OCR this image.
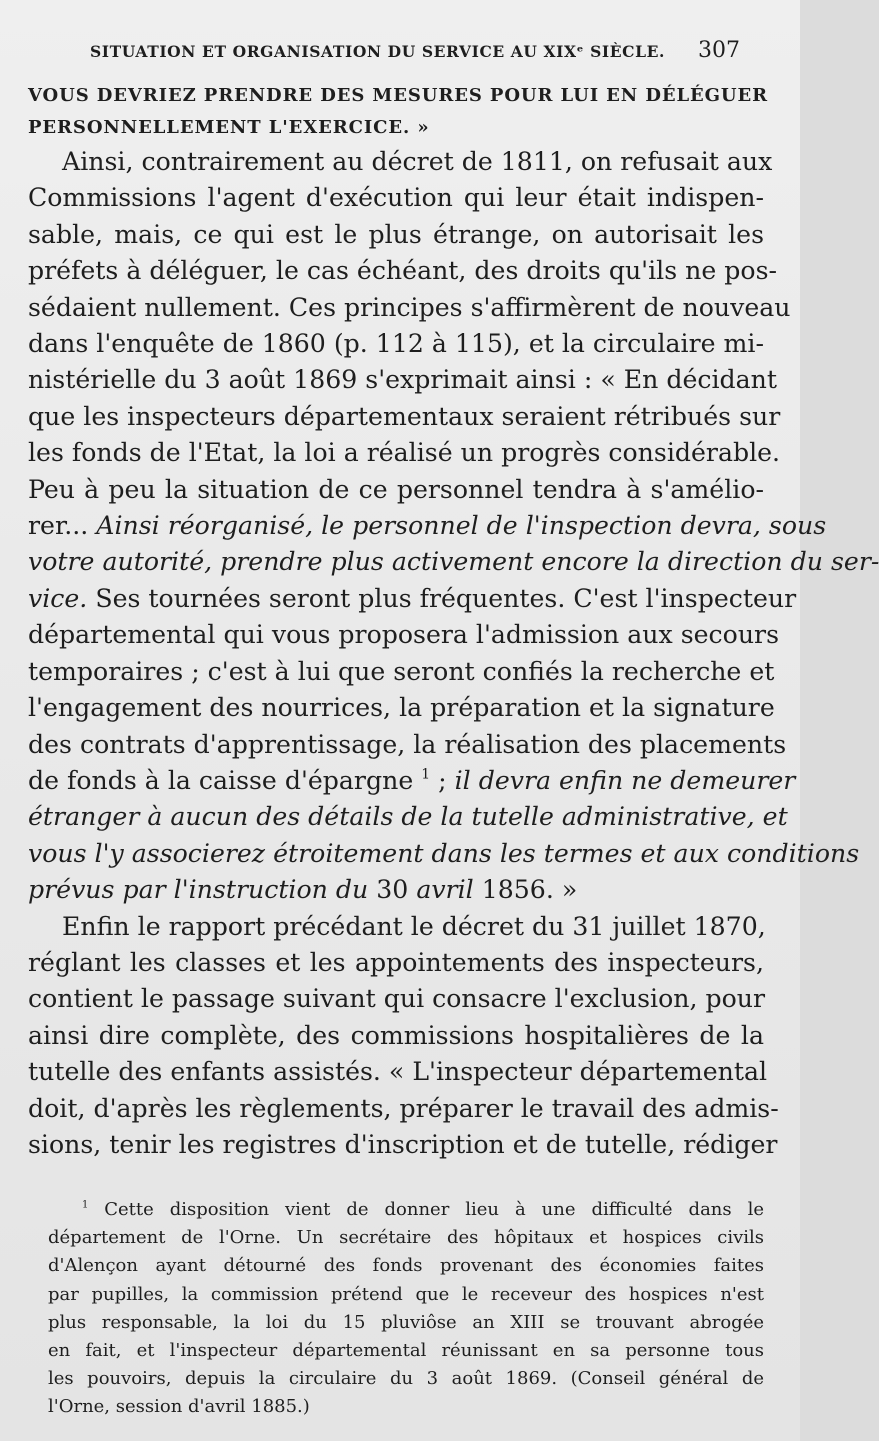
SITUATION ET ORGANISATION DU SERVICE AU XIXᵉ SIÈCLE. 307
VOUS DEVRIEZ PRENDRE DES MESURES POUR LUI EN DÉLÉGUER
PERSONNELLEMENT L'EXERCICE. »
Ainsi, contrairement au décret de 1811, on refusait aux
Commissions l'agent d'exécution qui leur était indispen-
sable, mais, ce qui est le plus étrange, on autorisait les
préfets à déléguer, le cas échéant, des droits qu'ils ne pos-
sédaient nullement. Ces principes s'affirmèrent de nouveau
dans l'enquête de 1860 (p. 112 à 115), et la circulaire mi-
nistérielle du 3 août 1869 s'exprimait ainsi : « En décidant
que les inspecteurs départementaux seraient rétribués sur
les fonds de l'Etat, la loi a réalisé un progrès considérable.
Peu à peu la situation de ce personnel tendra à s'amélio-
rer... Ainsi réorganisé, le personnel de l'inspection devra, sous
votre autorité, prendre plus activement encore la direction du ser-
vice. Ses tournées seront plus fréquentes. C'est l'inspecteur
départemental qui vous proposera l'admission aux secours
temporaires ; c'est à lui que seront confiés la recherche et
l'engagement des nourrices, la préparation et la signature
des contrats d'apprentissage, la réalisation des placements
de fonds à la caisse d'épargne $^1$ ; il devra enfin ne demeurer
étranger à aucun des détails de la tutelle administrative, et
vous l'y associerez étroitement dans les termes et aux conditions
prévus par l'instruction du 30 avril 1856. »
Enfin le rapport précédant le décret du 31 juillet 1870,
réglant les classes et les appointements des inspecteurs,
contient le passage suivant qui consacre l'exclusion, pour
ainsi dire complète, des commissions hospitalières de la
tutelle des enfants assistés. « L'inspecteur départemental
doit, d'après les règlements, préparer le travail des admis-
sions, tenir les registres d'inscription et de tutelle, rédiger
$^1$ Cette disposition vient de donner lieu à une difficulté dans le
département de l'Orne. Un secrétaire des hôpitaux et hospices civils
d'Alençon ayant détourné des fonds provenant des économies faites
par pupilles, la commission prétend que le receveur des hospices n'est
plus responsable, la loi du 15 pluviôse an XIII se trouvant abrogée
en fait, et l'inspecteur départemental réunissant en sa personne tous
les pouvoirs, depuis la circulaire du 3 août 1869. (Conseil général de
l'Orne, session d'avril 1885.)
